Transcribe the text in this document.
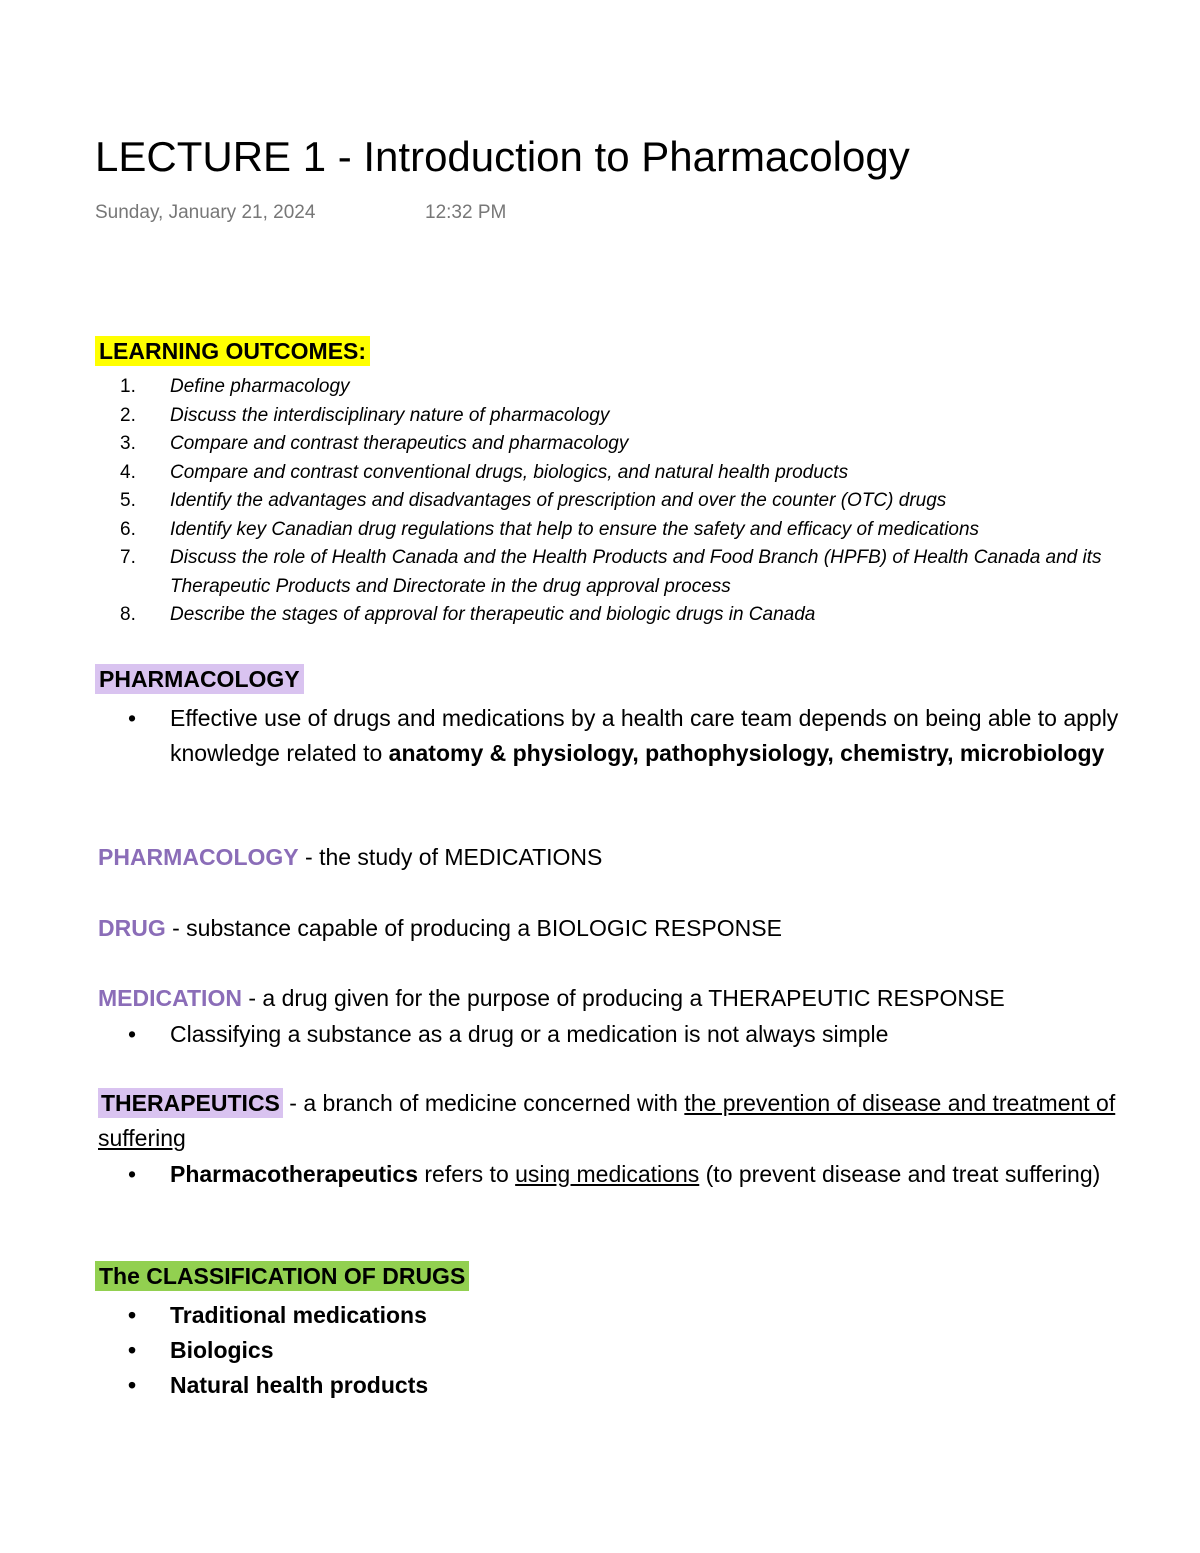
LECTURE 1 - Introduction to Pharmacology
Sunday, January 21, 2024	12:32 PM
LEARNING OUTCOMES:
1. Define pharmacology
2. Discuss the interdisciplinary nature of pharmacology
3. Compare and contrast therapeutics and pharmacology
4. Compare and contrast conventional drugs, biologics, and natural health products
5. Identify the advantages and disadvantages of prescription and over the counter (OTC) drugs
6. Identify key Canadian drug regulations that help to ensure the safety and efficacy of medications
7. Discuss the role of Health Canada and the Health Products and Food Branch (HPFB) of Health Canada and its Therapeutic Products and Directorate in the drug approval process
8. Describe the stages of approval for therapeutic and biologic drugs in Canada
PHARMACOLOGY
• Effective use of drugs and medications by a health care team depends on being able to apply knowledge related to anatomy & physiology, pathophysiology, chemistry, microbiology
PHARMACOLOGY - the study of MEDICATIONS
DRUG - substance capable of producing a BIOLOGIC RESPONSE
MEDICATION - a drug given for the purpose of producing a THERAPEUTIC RESPONSE
• Classifying a substance as a drug or a medication is not always simple
THERAPEUTICS - a branch of medicine concerned with the prevention of disease and treatment of suffering
• Pharmacotherapeutics refers to using medications (to prevent disease and treat suffering)
The CLASSIFICATION OF DRUGS
• Traditional medications
• Biologics
• Natural health products
